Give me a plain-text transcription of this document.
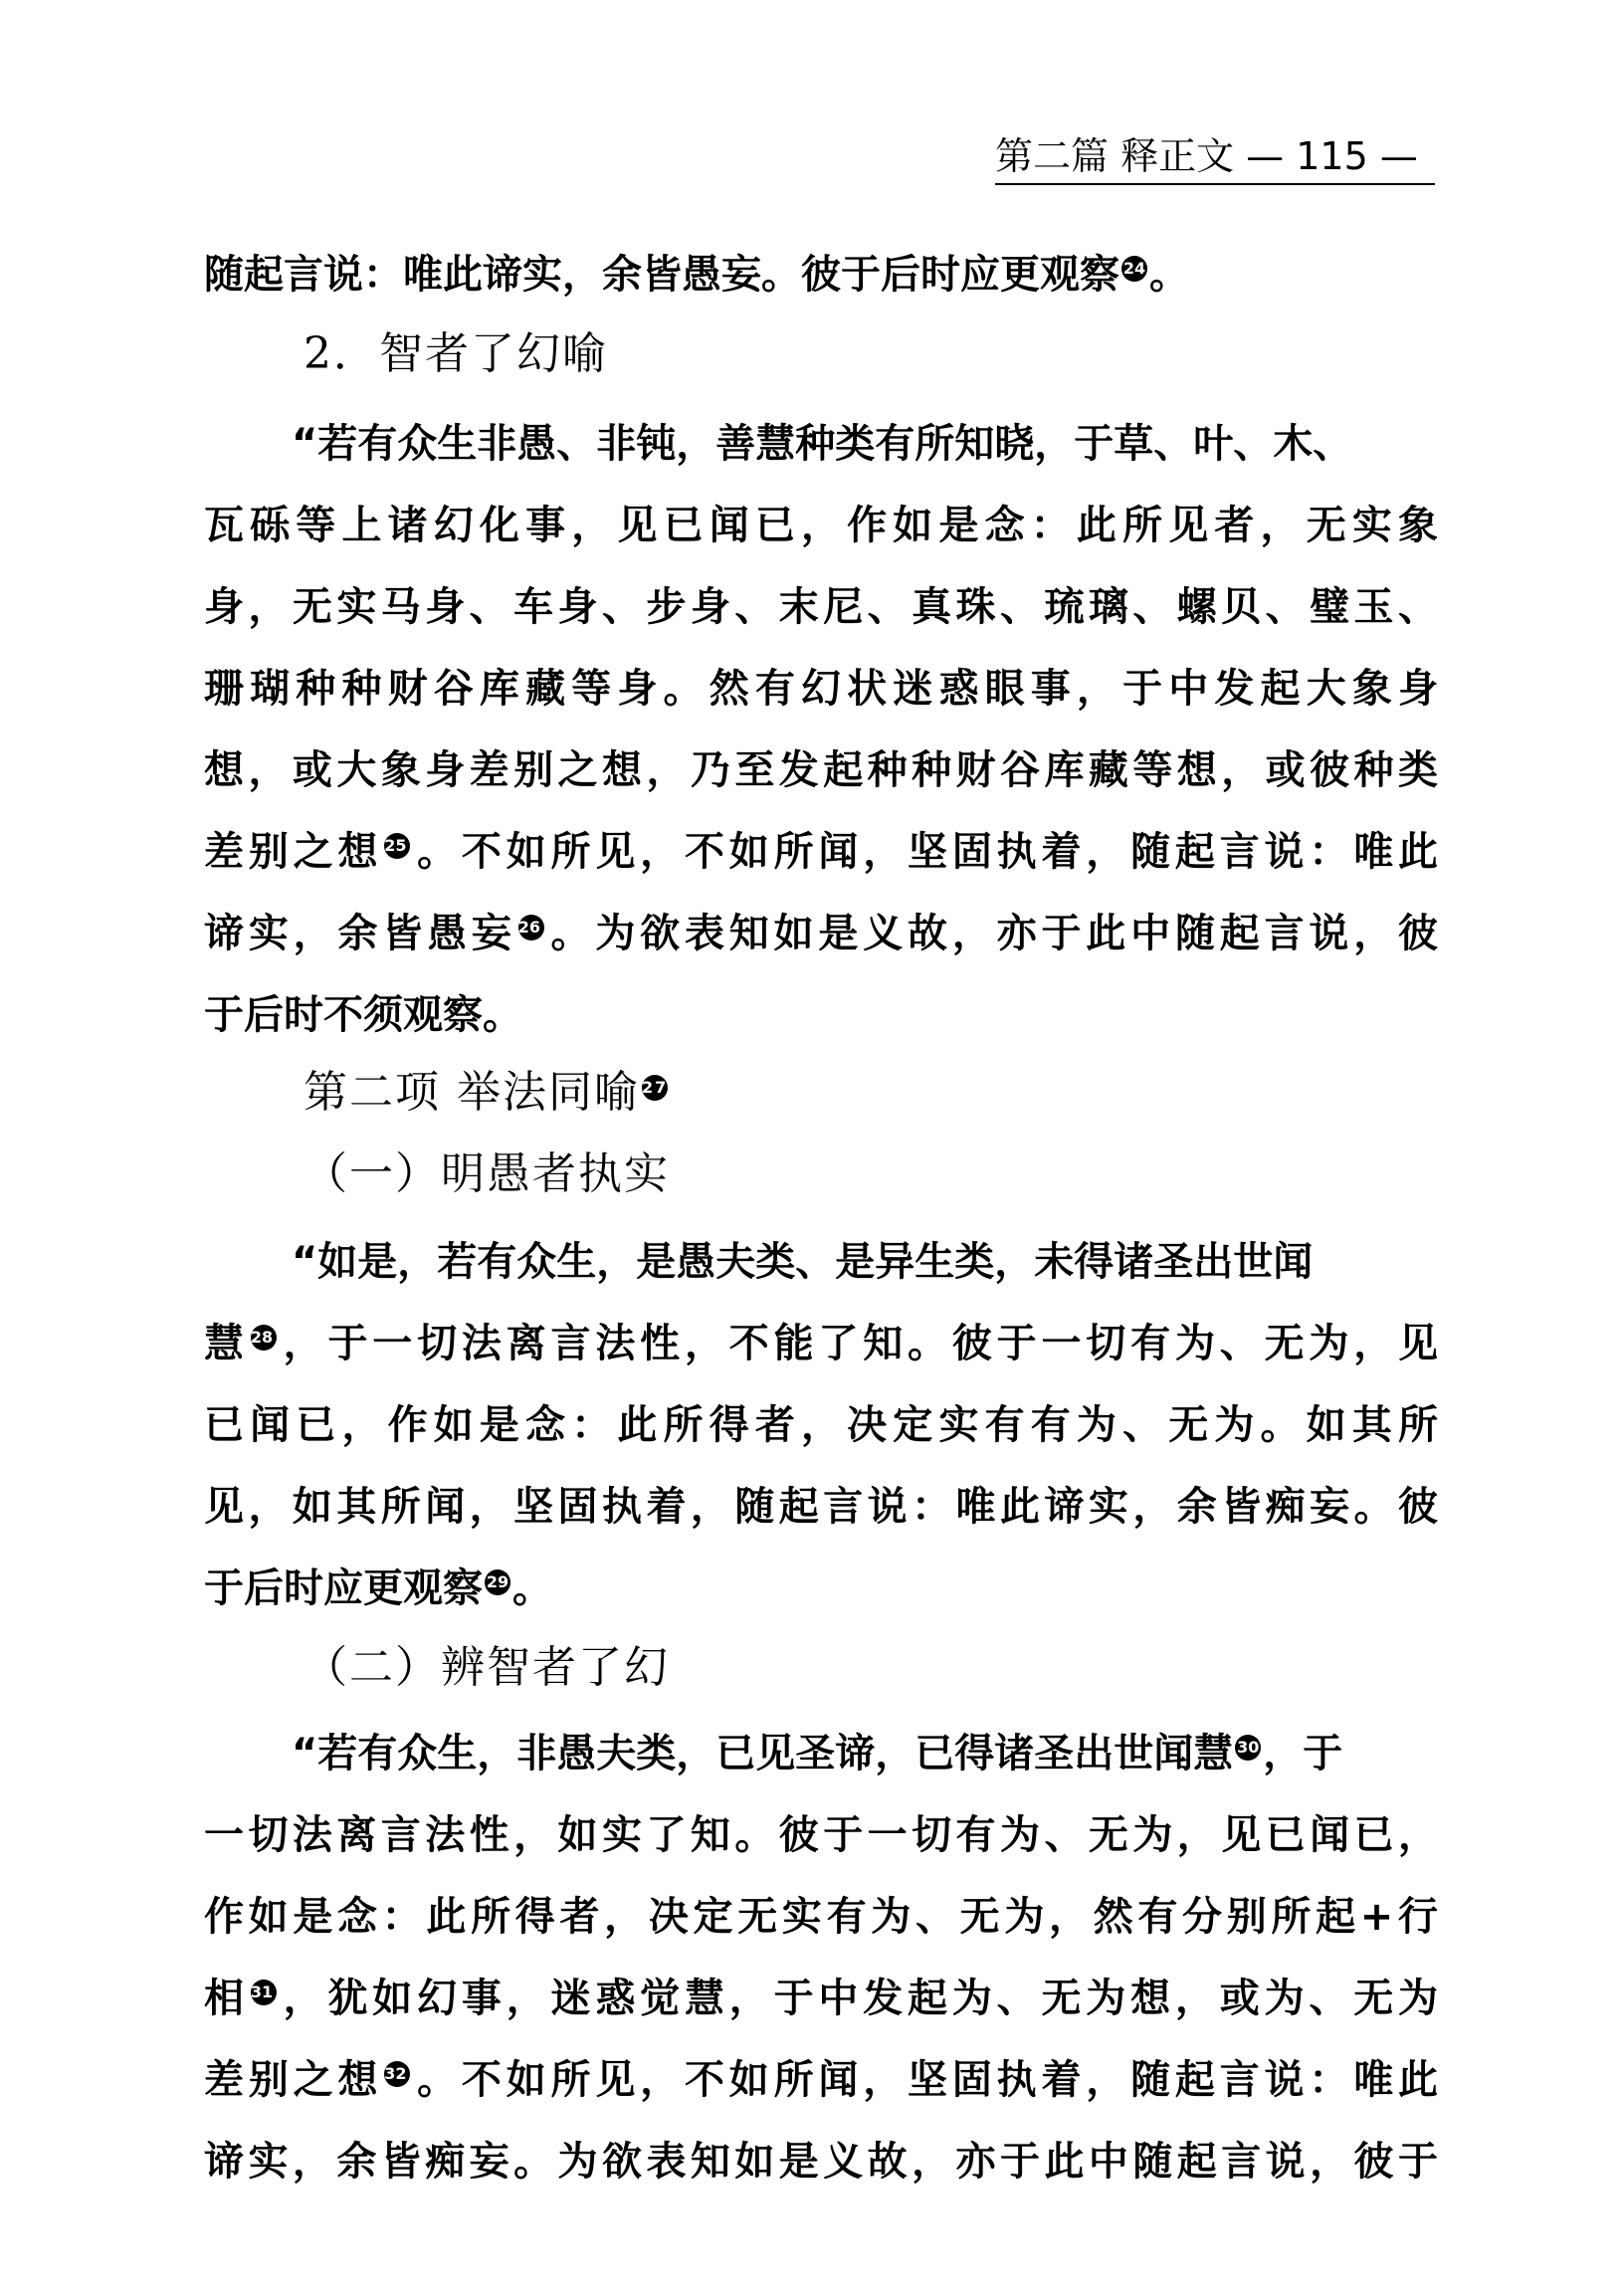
第二篇 释正文 — 115 —
随起言说：唯此谛实，余皆愚妄。彼于后时应更观察 24。
2．智者了幻喻
“若有众生非愚、非钝，善慧种类有所知晓，于草、叶、木、
瓦砾等上诸幻化事，见已闻已，作如是念：此所见者，无实象
身，无实马身、车身、步身、末尼、真珠、琉璃、螺贝、璧玉、
珊瑚种种财谷库藏等身。然有幻状迷惑眼事，于中发起大象身
想，或大象身差别之想，乃至发起种种财谷库藏等想，或彼种类
差别之想 25 。不如所见，不如所闻，坚固执着，随起言说：唯此
谛实，余皆愚妄 26 。为欲表知如是义故，亦于此中随起言说，彼
于后时不须观察。
第二项 举法同喻 27
（一）明愚者执实
“如是，若有众生，是愚夫类、是异生类，未得诸圣出世闻
慧 28 ，于一切法离言法性，不能了知。彼于一切有为、无为，见
已闻已，作如是念：此所得者，决定实有有为、无为。如其所
见，如其所闻，坚固执着，随起言说：唯此谛实，余皆痴妄。彼
于后时应更观察 29。
（二）辨智者了幻
“若有众生，非愚夫类，已见圣谛，已得诸圣出世闻慧 30，于
一切法离言法性，如实了知。彼于一切有为、无为，见已闻已，
作如是念：此所得者，决定无实有为、无为，然有分别所起+行
相 31 ，犹如幻事，迷惑觉慧，于中发起为、无为想，或为、无为
差别之想 32 。不如所见，不如所闻，坚固执着，随起言说：唯此
谛实，余皆痴妄。为欲表知如是义故，亦于此中随起言说，彼于
